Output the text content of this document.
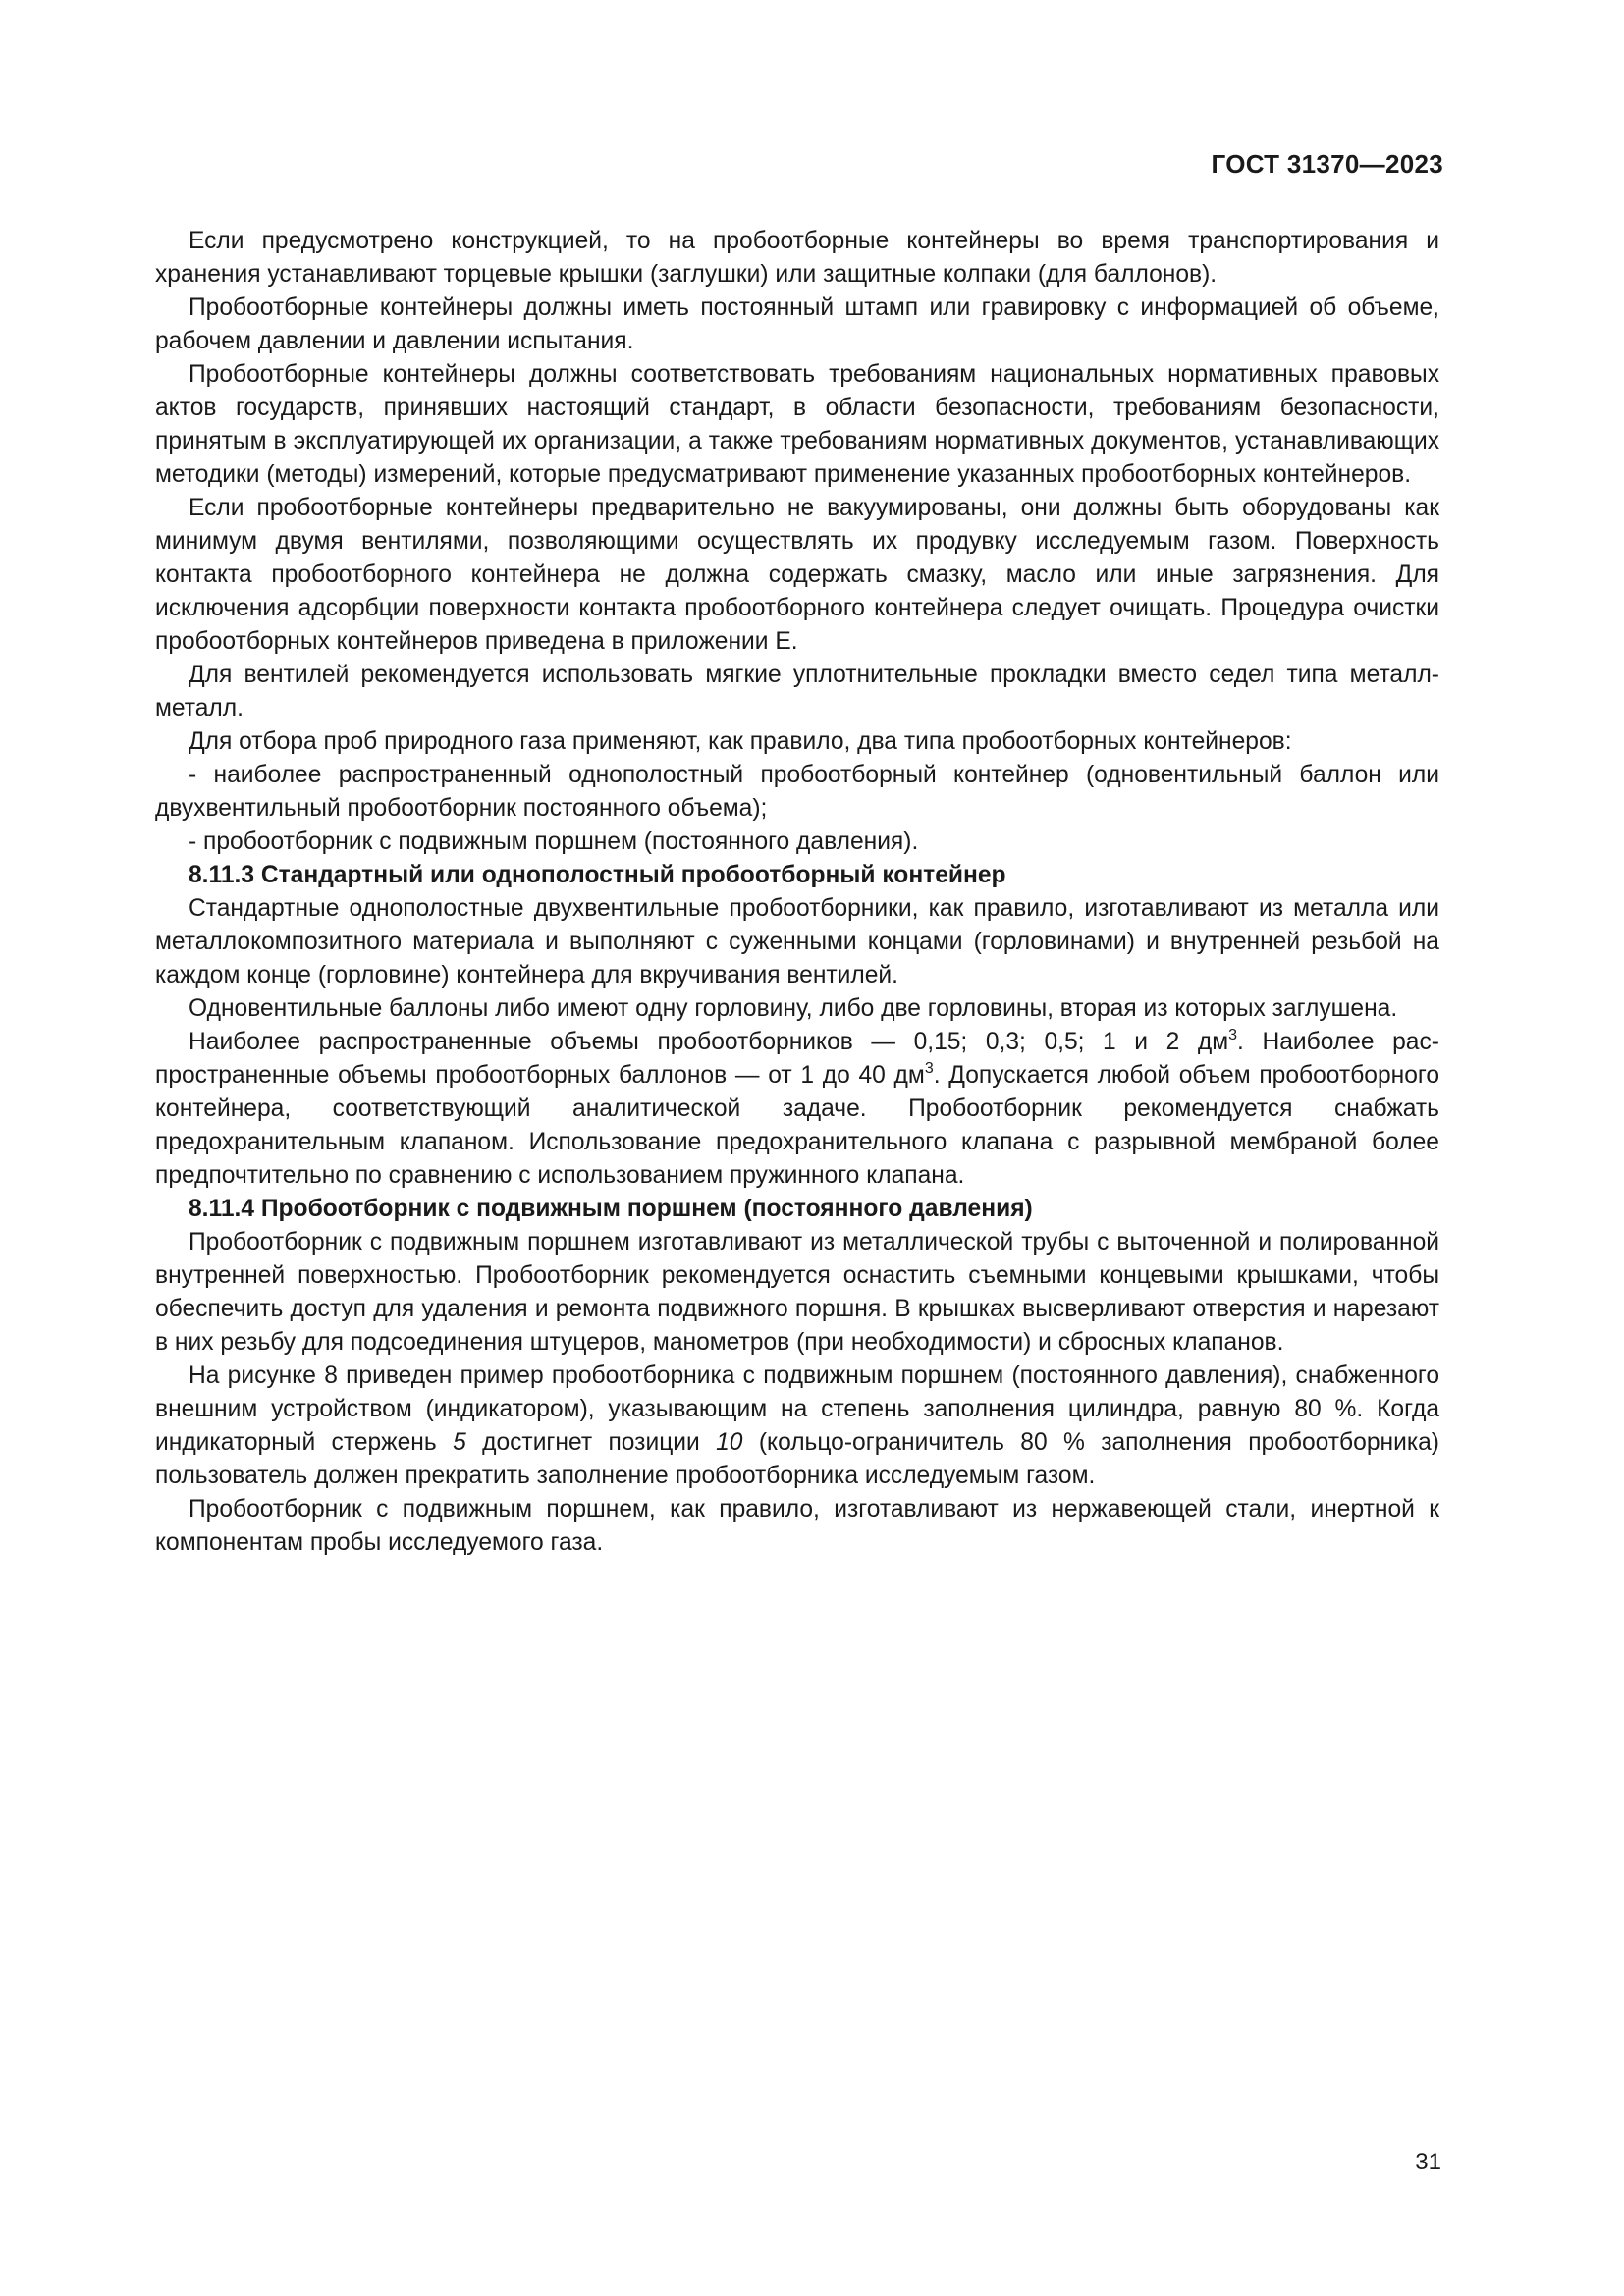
ГОСТ 31370—2023

Если предусмотрено конструкцией, то на пробоотборные контейнеры во время транспортирования и хранения устанавливают торцевые крышки (заглушки) или защитные колпаки (для баллонов).

Пробоотборные контейнеры должны иметь постоянный штамп или гравировку с информацией об объеме, рабочем давлении и давлении испытания.

Пробоотборные контейнеры должны соответствовать требованиям национальных нормативных правовых актов государств, принявших настоящий стандарт, в области безопасности, требованиям безопасности, принятым в эксплуатирующей их организации, а также требованиям нормативных документов, устанавливающих методики (методы) измерений, которые предусматривают применение указанных пробоотборных контейнеров.

Если пробоотборные контейнеры предварительно не вакуумированы, они должны быть оборудованы как минимум двумя вентилями, позволяющими осуществлять их продувку исследуемым газом. Поверхность контакта пробоотборного контейнера не должна содержать смазку, масло или иные загрязнения. Для исключения адсорбции поверхности контакта пробоотборного контейнера следует очищать. Процедура очистки пробоотборных контейнеров приведена в приложении Е.

Для вентилей рекомендуется использовать мягкие уплотнительные прокладки вместо седел типа металл-металл.

Для отбора проб природного газа применяют, как правило, два типа пробоотборных контейнеров:

- наиболее распространенный однополостный пробоотборный контейнер (одновентильный баллон или двухвентильный пробоотборник постоянного объема);

- пробоотборник с подвижным поршнем (постоянного давления).

8.11.3 Стандартный или однополостный пробоотборный контейнер

Стандартные однополостные двухвентильные пробоотборники, как правило, изготавливают из металла или металлокомпозитного материала и выполняют с суженными концами (горловинами) и внутренней резьбой на каждом конце (горловине) контейнера для вкручивания вентилей.

Одновентильные баллоны либо имеют одну горловину, либо две горловины, вторая из которых заглушена.

Наиболее распространенные объемы пробоотборников — 0,15; 0,3; 0,5; 1 и 2 $дм^3$. Наиболее распространенные объемы пробоотборных баллонов — от 1 до 40 $дм^3$. Допускается любой объем пробоотборного контейнера, соответствующий аналитической задаче. Пробоотборник рекомендуется снабжать предохранительным клапаном. Использование предохранительного клапана с разрывной мембраной более предпочтительно по сравнению с использованием пружинного клапана.

8.11.4 Пробоотборник с подвижным поршнем (постоянного давления)

Пробоотборник с подвижным поршнем изготавливают из металлической трубы с выточенной и полированной внутренней поверхностью. Пробоотборник рекомендуется оснастить съемными концевыми крышками, чтобы обеспечить доступ для удаления и ремонта подвижного поршня. В крышках высверливают отверстия и нарезают в них резьбу для подсоединения штуцеров, манометров (при необходимости) и сбросных клапанов.

На рисунке 8 приведен пример пробоотборника с подвижным поршнем (постоянного давления), снабженного внешним устройством (индикатором), указывающим на степень заполнения цилиндра, равную 80 %. Когда индикаторный стержень 5 достигнет позиции 10 (кольцо-ограничитель 80 % заполнения пробоотборника) пользователь должен прекратить заполнение пробоотборника исследуемым газом.

Пробоотборник с подвижным поршнем, как правило, изготавливают из нержавеющей стали, инертной к компонентам пробы исследуемого газа.

31
